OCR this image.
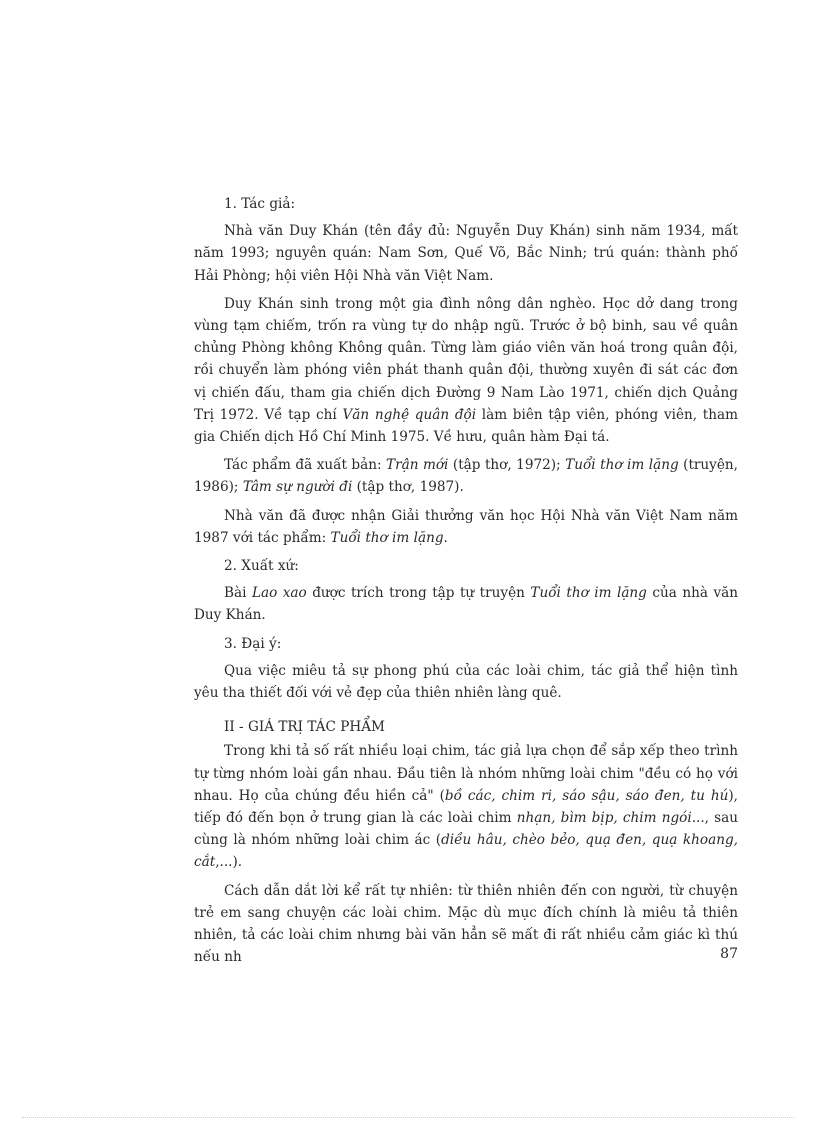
1. Tác giả:

Nhà văn Duy Khán (tên đầy đủ: Nguyễn Duy Khán) sinh năm 1934, mất năm 1993; nguyên quán: Nam Sơn, Quế Võ, Bắc Ninh; trú quán: thành phố Hải Phòng; hội viên Hội Nhà văn Việt Nam.

Duy Khán sinh trong một gia đình nông dân nghèo. Học dở dang trong vùng tạm chiếm, trốn ra vùng tự do nhập ngũ. Trước ở bộ binh, sau về quân chủng Phòng không Không quân. Từng làm giáo viên văn hoá trong quân đội, rồi chuyển làm phóng viên phát thanh quân đội, thường xuyên đi sát các đơn vị chiến đấu, tham gia chiến dịch Đường 9 Nam Lào 1971, chiến dịch Quảng Trị 1972. Về tạp chí Văn nghệ quân đội làm biên tập viên, phóng viên, tham gia Chiến dịch Hồ Chí Minh 1975. Về hưu, quân hàm Đại tá.

Tác phẩm đã xuất bản: Trận mới (tập thơ, 1972); Tuổi thơ im lặng (truyện, 1986); Tâm sự người đi (tập thơ, 1987).

Nhà văn đã được nhận Giải thưởng văn học Hội Nhà văn Việt Nam năm 1987 với tác phẩm: Tuổi thơ im lặng.

2. Xuất xứ:

Bài Lao xao được trích trong tập tự truyện Tuổi thơ im lặng của nhà văn Duy Khán.

3. Đại ý:

Qua việc miêu tả sự phong phú của các loài chim, tác giả thể hiện tình yêu tha thiết đối với vẻ đẹp của thiên nhiên làng quê.

II - GIÁ TRỊ TÁC PHẨM

Trong khi tả số rất nhiều loại chim, tác giả lựa chọn để sắp xếp theo trình tự từng nhóm loài gần nhau. Đầu tiên là nhóm những loài chim "đều có họ với nhau. Họ của chúng đều hiền cả" (bồ các, chim ri, sáo sậu, sáo đen, tu hú), tiếp đó đến bọn ở trung gian là các loài chim nhạn, bìm bịp, chim ngói..., sau cùng là nhóm những loài chim ác (diều hâu, chèo bẻo, quạ đen, quạ khoang, cắt,...).

Cách dẫn dắt lời kể rất tự nhiên: từ thiên nhiên đến con người, từ chuyện trẻ em sang chuyện các loài chim. Mặc dù mục đích chính là miêu tả thiên nhiên, tả các loài chim nhưng bài văn hẳn sẽ mất đi rất nhiều cảm giác kì thú nếu nh	87
